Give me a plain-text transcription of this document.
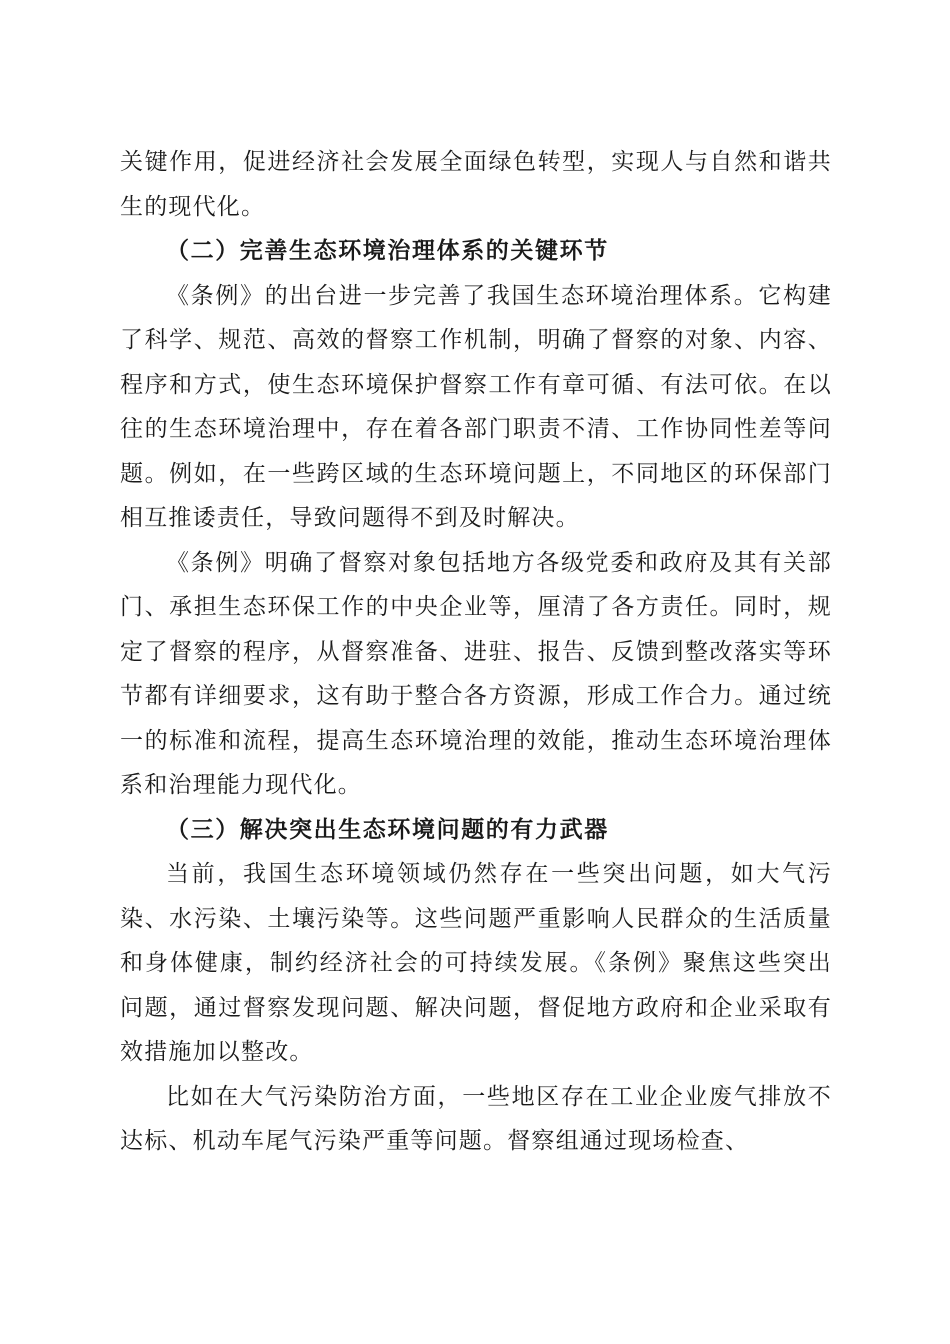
关键作用，促进经济社会发展全面绿色转型，实现人与自然和谐共生的现代化。

（二）完善生态环境治理体系的关键环节

《条例》的出台进一步完善了我国生态环境治理体系。它构建了科学、规范、高效的督察工作机制，明确了督察的对象、内容、程序和方式，使生态环境保护督察工作有章可循、有法可依。在以往的生态环境治理中，存在着各部门职责不清、工作协同性差等问题。例如，在一些跨区域的生态环境问题上，不同地区的环保部门相互推诿责任，导致问题得不到及时解决。

《条例》明确了督察对象包括地方各级党委和政府及其有关部门、承担生态环保工作的中央企业等，厘清了各方责任。同时，规定了督察的程序，从督察准备、进驻、报告、反馈到整改落实等环节都有详细要求，这有助于整合各方资源，形成工作合力。通过统一的标准和流程，提高生态环境治理的效能，推动生态环境治理体系和治理能力现代化。

（三）解决突出生态环境问题的有力武器

当前，我国生态环境领域仍然存在一些突出问题，如大气污染、水污染、土壤污染等。这些问题严重影响人民群众的生活质量和身体健康，制约经济社会的可持续发展。《条例》聚焦这些突出问题，通过督察发现问题、解决问题，督促地方政府和企业采取有效措施加以整改。

比如在大气污染防治方面，一些地区存在工业企业废气排放不达标、机动车尾气污染严重等问题。督察组通过现场检查、
